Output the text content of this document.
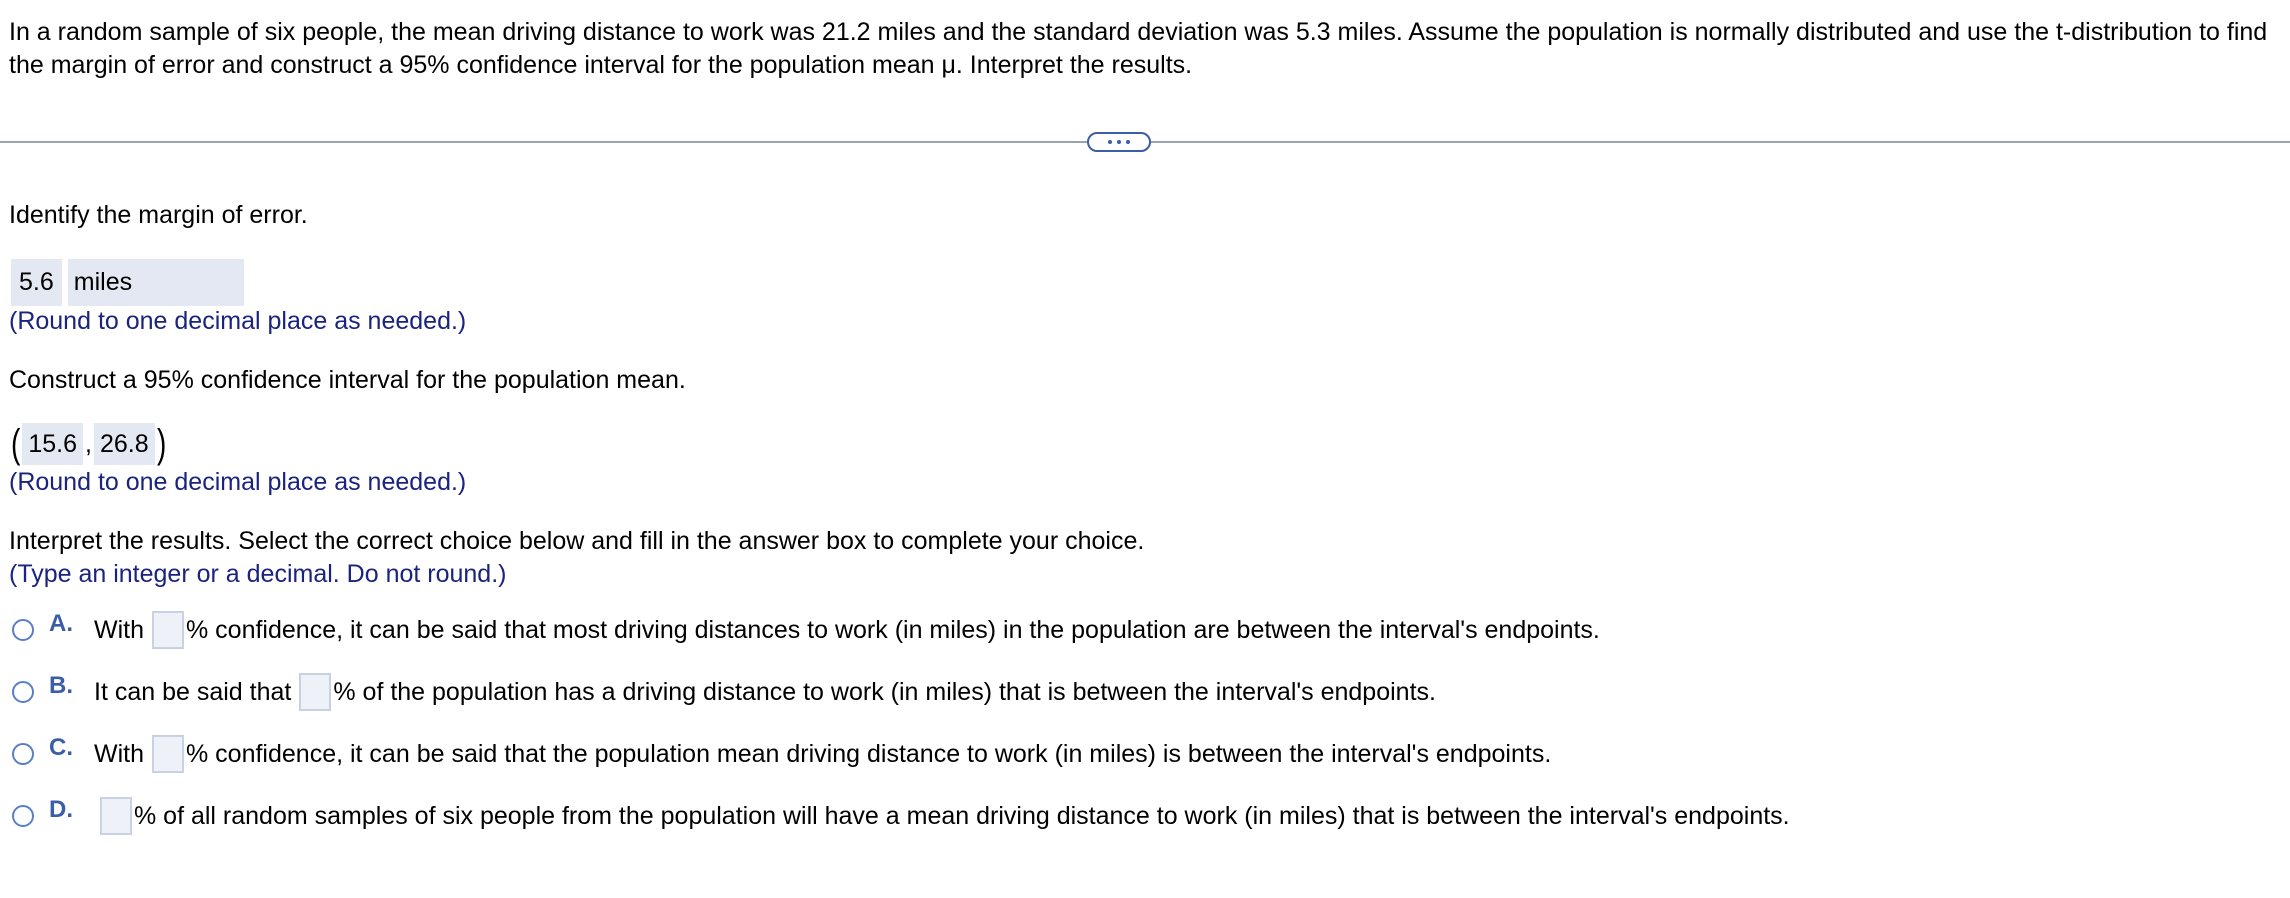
In a random sample of six people, the mean driving distance to work was 21.2 miles and the standard deviation was 5.3 miles. Assume the population is normally distributed and use the t-distribution to find the margin of error and construct a 95% confidence interval for the population mean μ. Interpret the results.

Identify the margin of error.
5.6 miles
(Round to one decimal place as needed.)
Construct a 95% confidence interval for the population mean.
( 15.6 , 26.8 )
(Round to one decimal place as needed.)
Interpret the results. Select the correct choice below and fill in the answer box to complete your choice.
(Type an integer or a decimal. Do not round.)
A. With % confidence, it can be said that most driving distances to work (in miles) in the population are between the interval's endpoints.
B. It can be said that % of the population has a driving distance to work (in miles) that is between the interval's endpoints.
C. With % confidence, it can be said that the population mean driving distance to work (in miles) is between the interval's endpoints.
D.	% of all random samples of six people from the population will have a mean driving distance to work (in miles) that is between the interval's endpoints.
